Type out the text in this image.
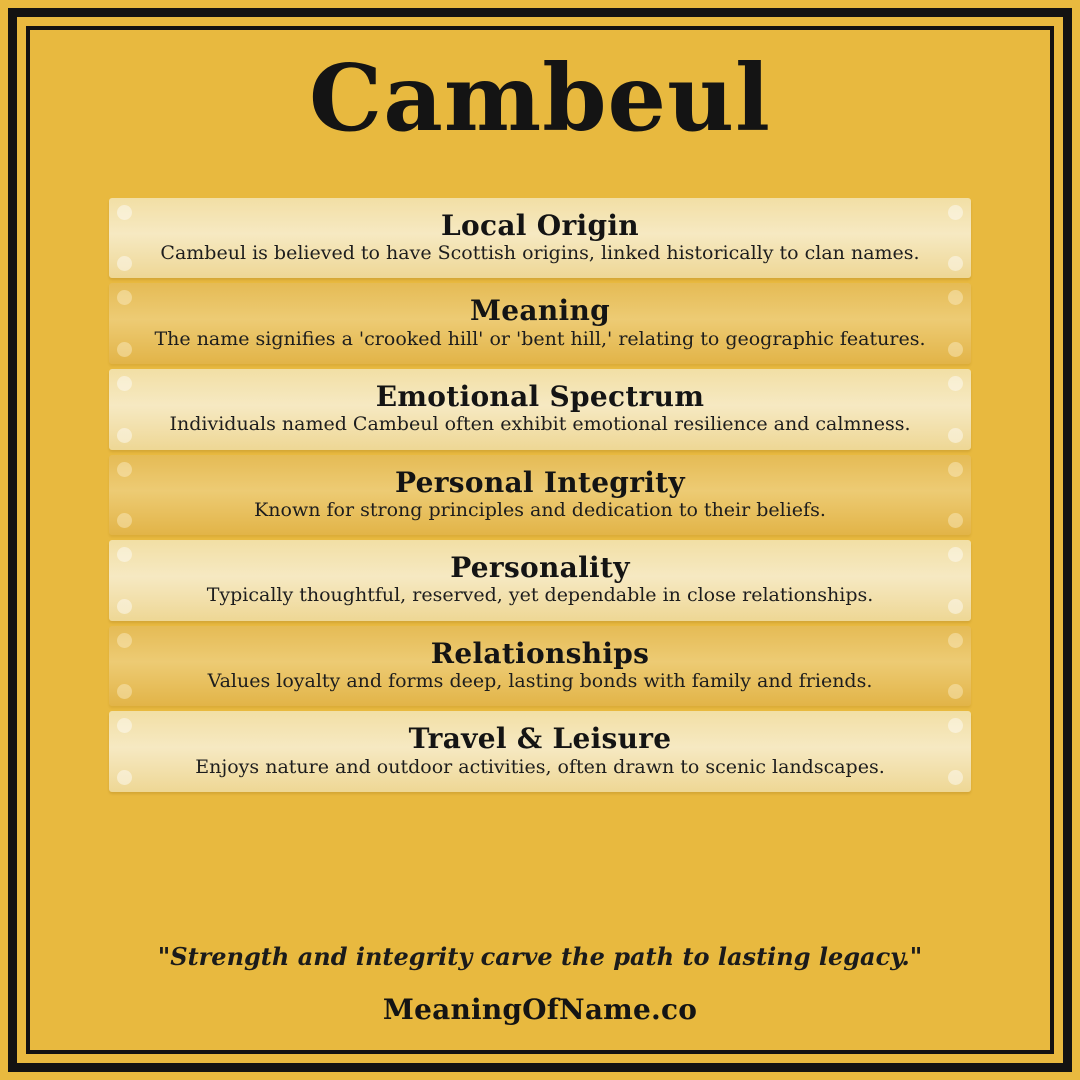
Cambeul

Local Origin

Cambeul is believed to have Scottish origins, linked historically to clan names.

Meaning

The name signifies a 'crooked hill' or 'bent hill,' relating to geographic features.

Emotional Spectrum

Individuals named Cambeul often exhibit emotional resilience and calmness.

Personal Integrity

Known for strong principles and dedication to their beliefs.

Personality

Typically thoughtful, reserved, yet dependable in close relationships.

Relationships

Values loyalty and forms deep, lasting bonds with family and friends.

Travel & Leisure

Enjoys nature and outdoor activities, often drawn to scenic landscapes.

"Strength and integrity carve the path to lasting legacy."
MeaningOfName.co
